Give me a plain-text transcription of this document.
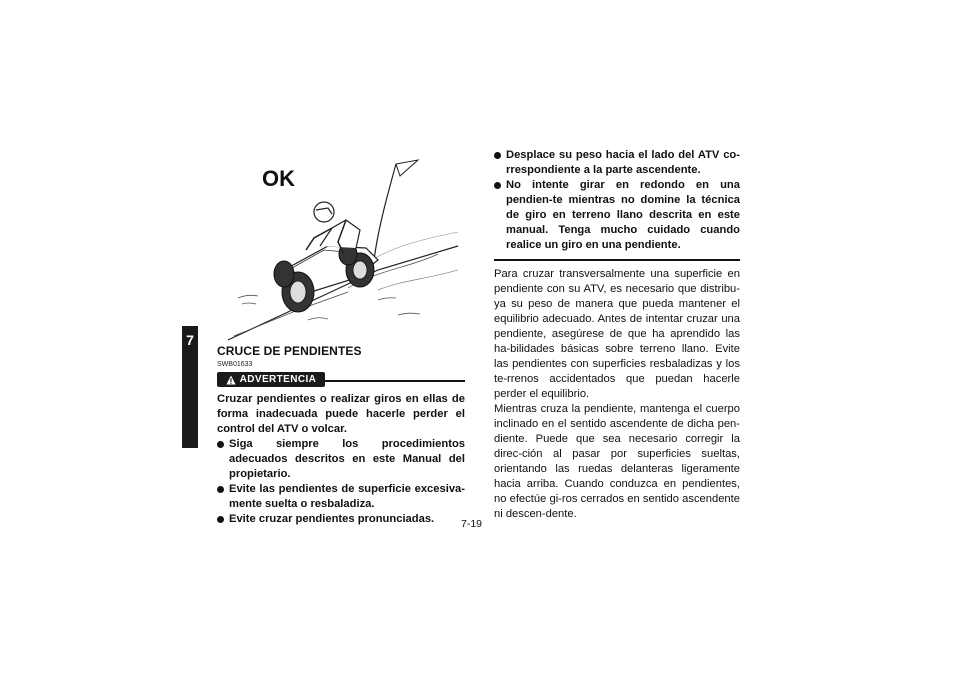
7
OK

CRUCE DE PENDIENTES

SWB01633

ADVERTENCIA

Cruzar pendientes o realizar giros en ellas de forma inadecuada puede hacerle perder el control del ATV o volcar.

Siga siempre los procedimientos adecuados descritos en este Manual del propietario.
Evite las pendientes de superficie excesiva-mente suelta o resbaladiza.
Evite cruzar pendientes pronunciadas.
Desplace su peso hacia el lado del ATV co-rrespondiente a la parte ascendente.
No intente girar en redondo en una pendien-te mientras no domine la técnica de giro en terreno llano descrita en este manual. Tenga mucho cuidado cuando realice un giro en una pendiente.

Para cruzar transversalmente una superficie en pendiente con su ATV, es necesario que distribu-ya su peso de manera que pueda mantener el equilibrio adecuado. Antes de intentar cruzar una pendiente, asegúrese de que ha aprendido las ha-bilidades básicas sobre terreno llano. Evite las pendientes con superficies resbaladizas y los te-rrenos accidentados que puedan hacerle perder el equilibrio.

Mientras cruza la pendiente, mantenga el cuerpo inclinado en el sentido ascendente de dicha pen-diente. Puede que sea necesario corregir la direc-ción al pasar por superficies sueltas, orientando las ruedas delanteras ligeramente hacia arriba. Cuando conduzca en pendientes, no efectúe gi-ros cerrados en sentido ascendente ni descen-dente.

7-19
